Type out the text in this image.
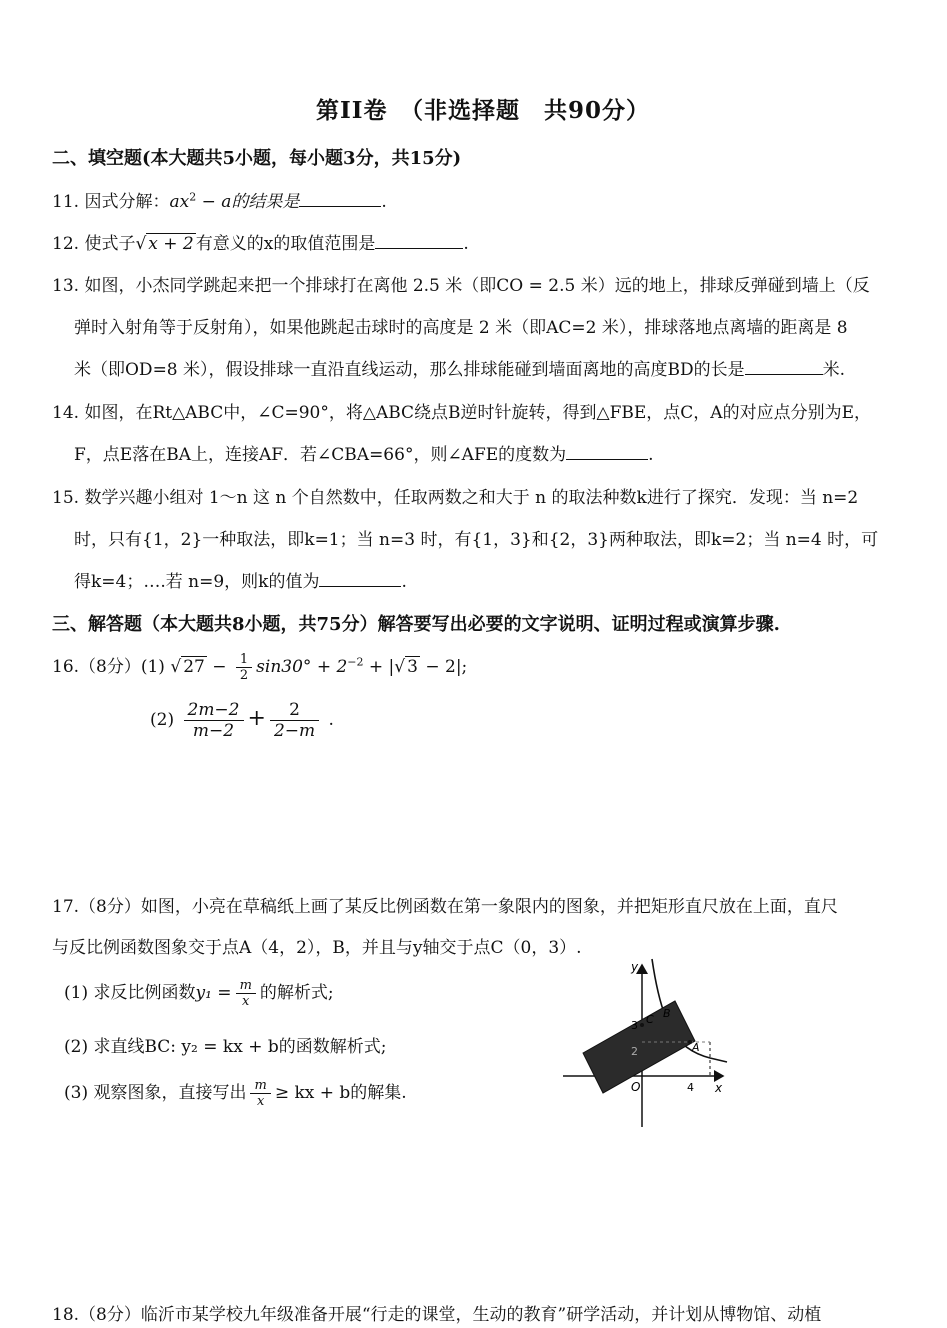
第II卷　（非选择题　共90分）
二、填空题(本大题共5小题，每小题3分，共15分)
11. 因式分解：$ax^2 - a$的结果是	.
12. 使式子√ x + 2 有意义的x的取值范围是	.
13. 如图，小杰同学跳起来把一个排球打在离他 2.5 米（即CO = 2.5 米）远的地上，排球反弹碰到墙上（反
弹时入射角等于反射角），如果他跳起击球时的高度是 2 米（即AC=2 米），排球落地点离墙的距离是 8
米（即OD=8 米），假设排球一直沿直线运动，那么排球能碰到墙面离地的高度BD的长是	米.
14. 如图，在Rt△ABC中，∠C=90°，将△ABC绕点B逆时针旋转，得到△FBE，点C，A的对应点分别为E，
F，点E落在BA上，连接AF．若∠CBA=66°，则∠AFE的度数为	.
15. 数学兴趣小组对 1～n 这 n 个自然数中，任取两数之和大于 n 的取法种数k进行了探究．发现：当 n=2
时，只有{1，2}一种取法，即k=1；当 n=3 时，有{1，3}和{2，3}两种取法，即k=2；当 n=4 时，可
得k=4；….若 n=9，则k的值为	.
三、解答题（本大题共8小题，共75分）解答要写出必要的文字说明、证明过程或演算步骤.
16.（8分）(1) √ $27 - \frac{1}{2} \sin 30^\circ + 2^{-2}$ + |√ 3 − 2|;
$(2) \frac{2m-2}{m-2} + \frac{2}{2-m}$ .
17.（8分）如图，小亮在草稿纸上画了某反比例函数在第一象限内的图象，并把矩形直尺放在上面，直尺
与反比例函数图象交于点A（4，2），B，并且与y轴交于点C（0，3）.
(1) 求反比例函数$y_1 = \frac{m}{x}$ 的解析式;
(2) 求直线BC: y₂ = kx + b的函数解析式;
(3) 观察图象，直接写出 $\frac{m}{x}$ ≥ kx + b的解集.
y
x
O
3
2
4
C B
A
18.（8分）临沂市某学校九年级准备开展“行走的课堂，生动的教育”研学活动，并计划从博物馆、动植
